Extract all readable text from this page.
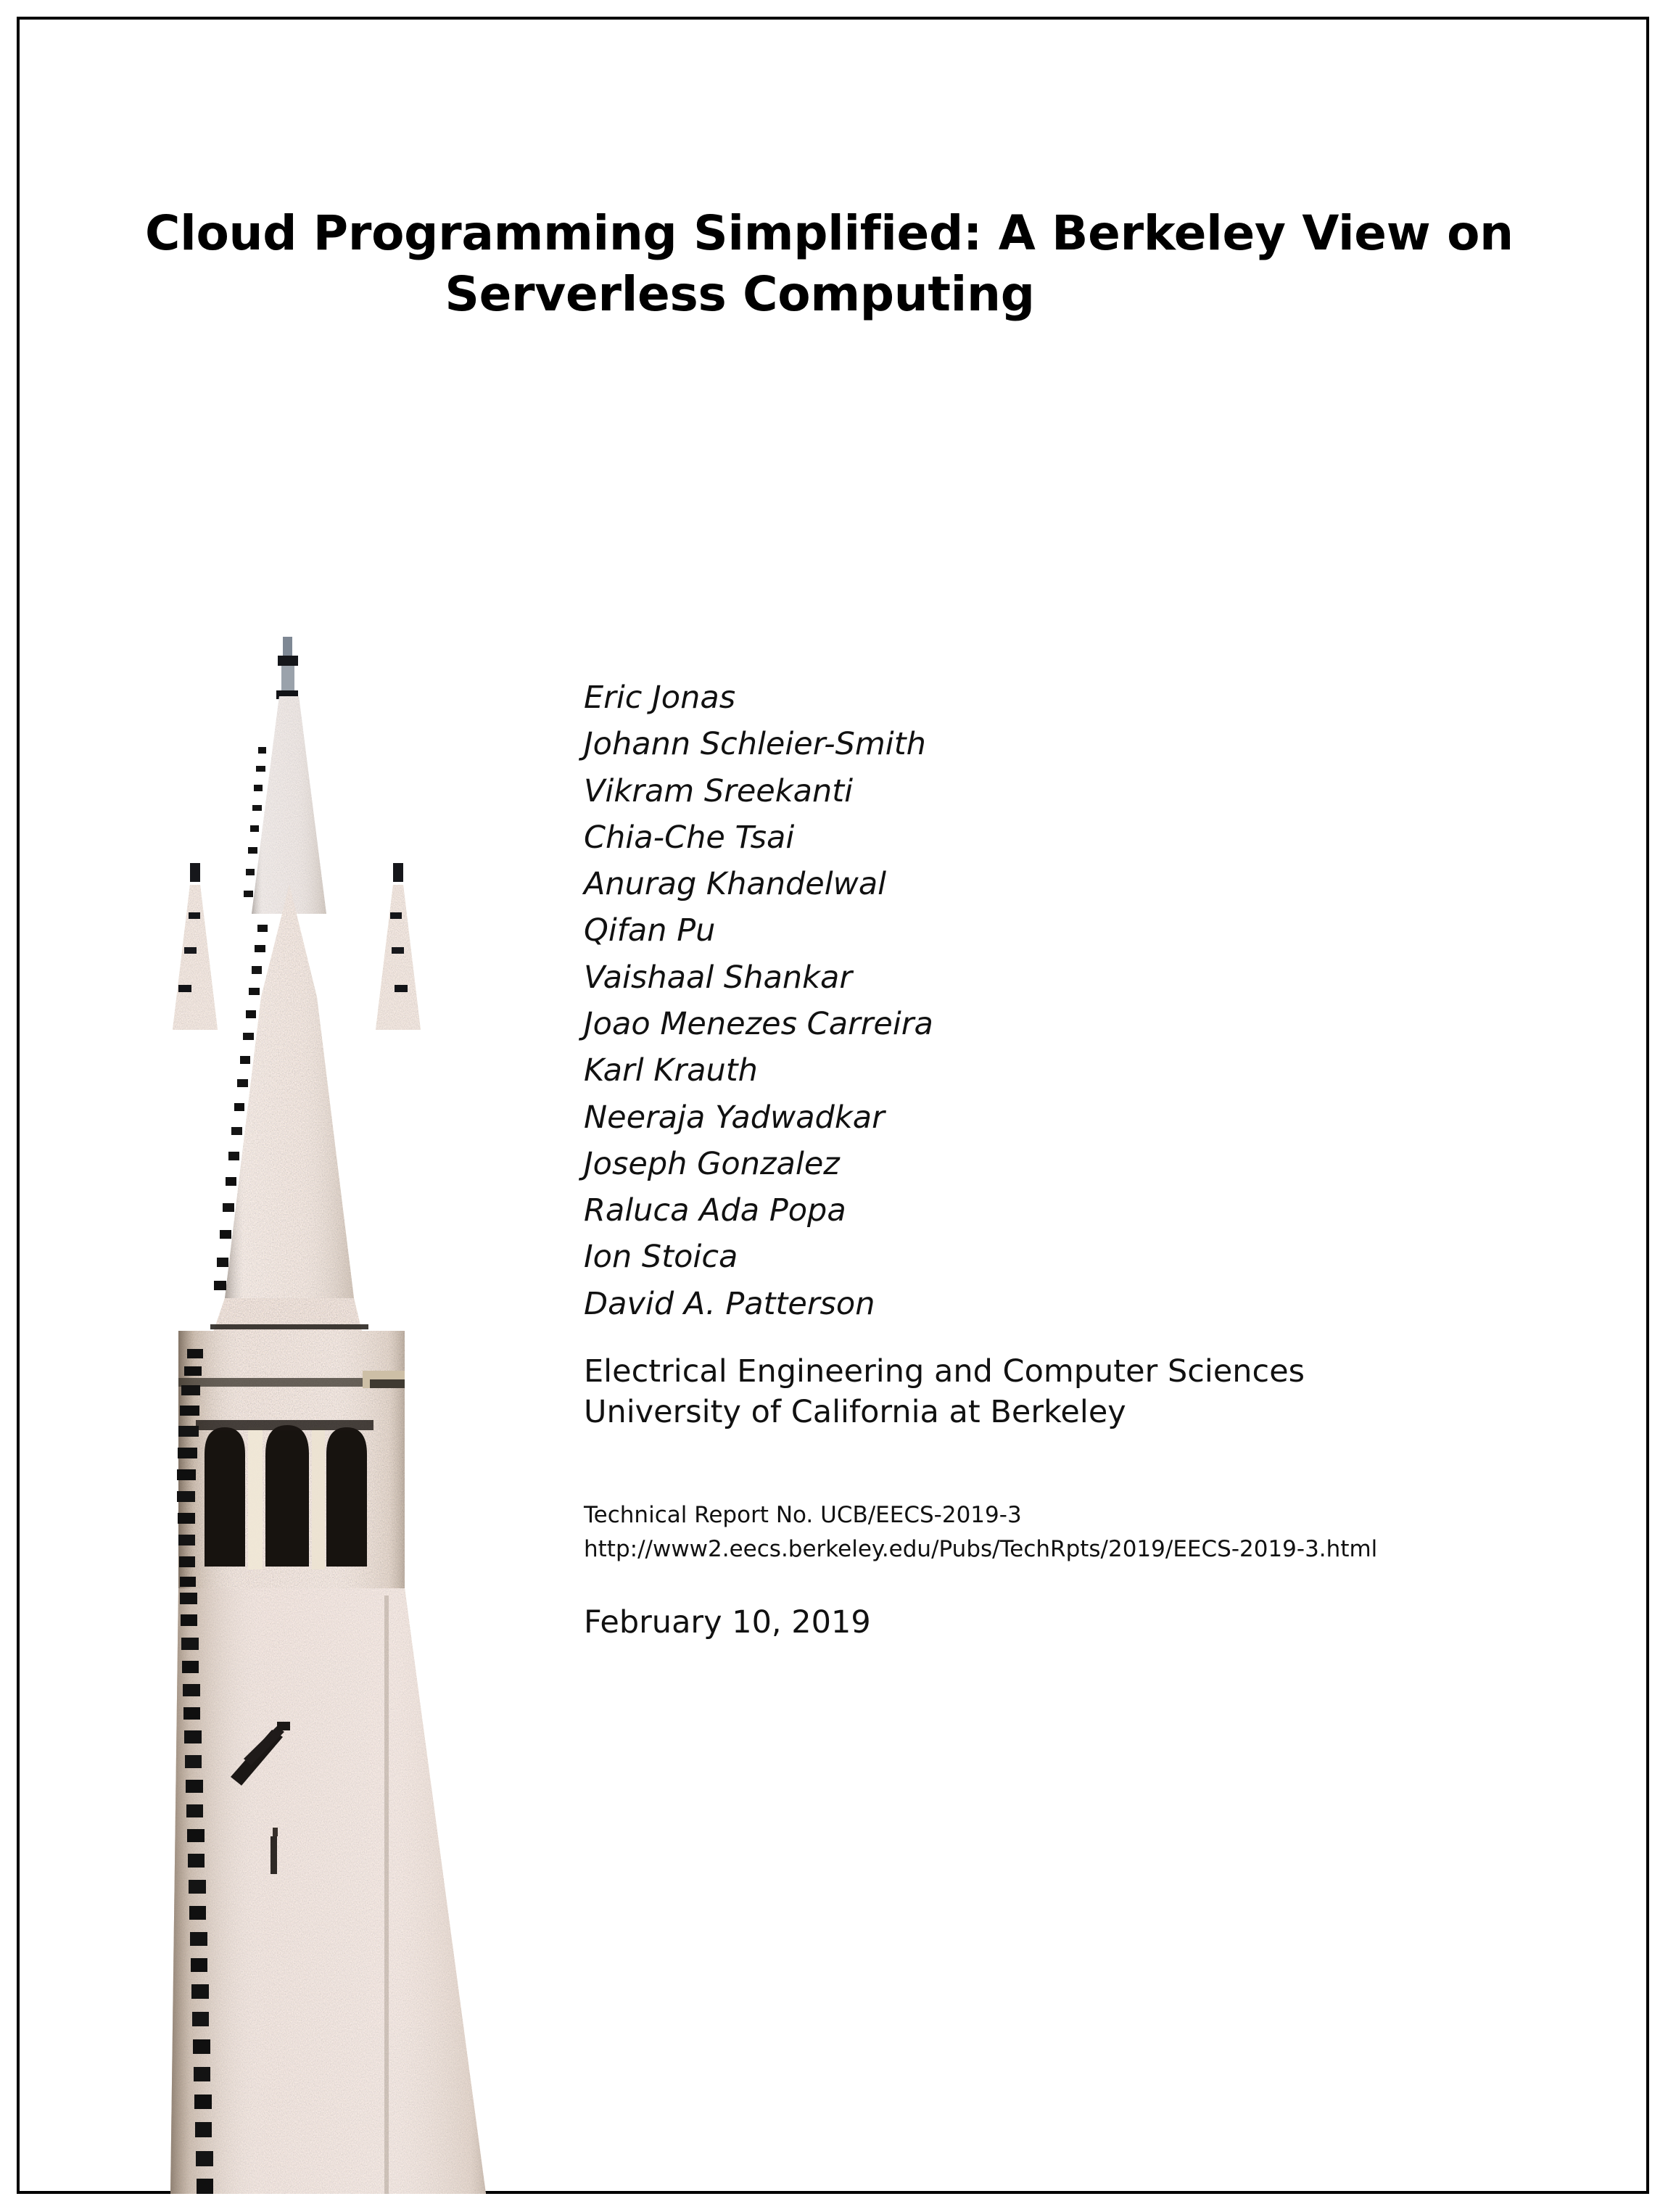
Cloud Programming Simplified: A Berkeley View on
Serverless Computing
Eric Jonas
Johann Schleier-Smith
Vikram Sreekanti
Chia-Che Tsai
Anurag Khandelwal
Qifan Pu
Vaishaal Shankar
Joao Menezes Carreira
Karl Krauth
Neeraja Yadwadkar
Joseph Gonzalez
Raluca Ada Popa
Ion Stoica
David A. Patterson
Electrical Engineering and Computer Sciences
University of California at Berkeley
Technical Report No. UCB/EECS-2019-3
http://www2.eecs.berkeley.edu/Pubs/TechRpts/2019/EECS-2019-3.html
February 10, 2019
